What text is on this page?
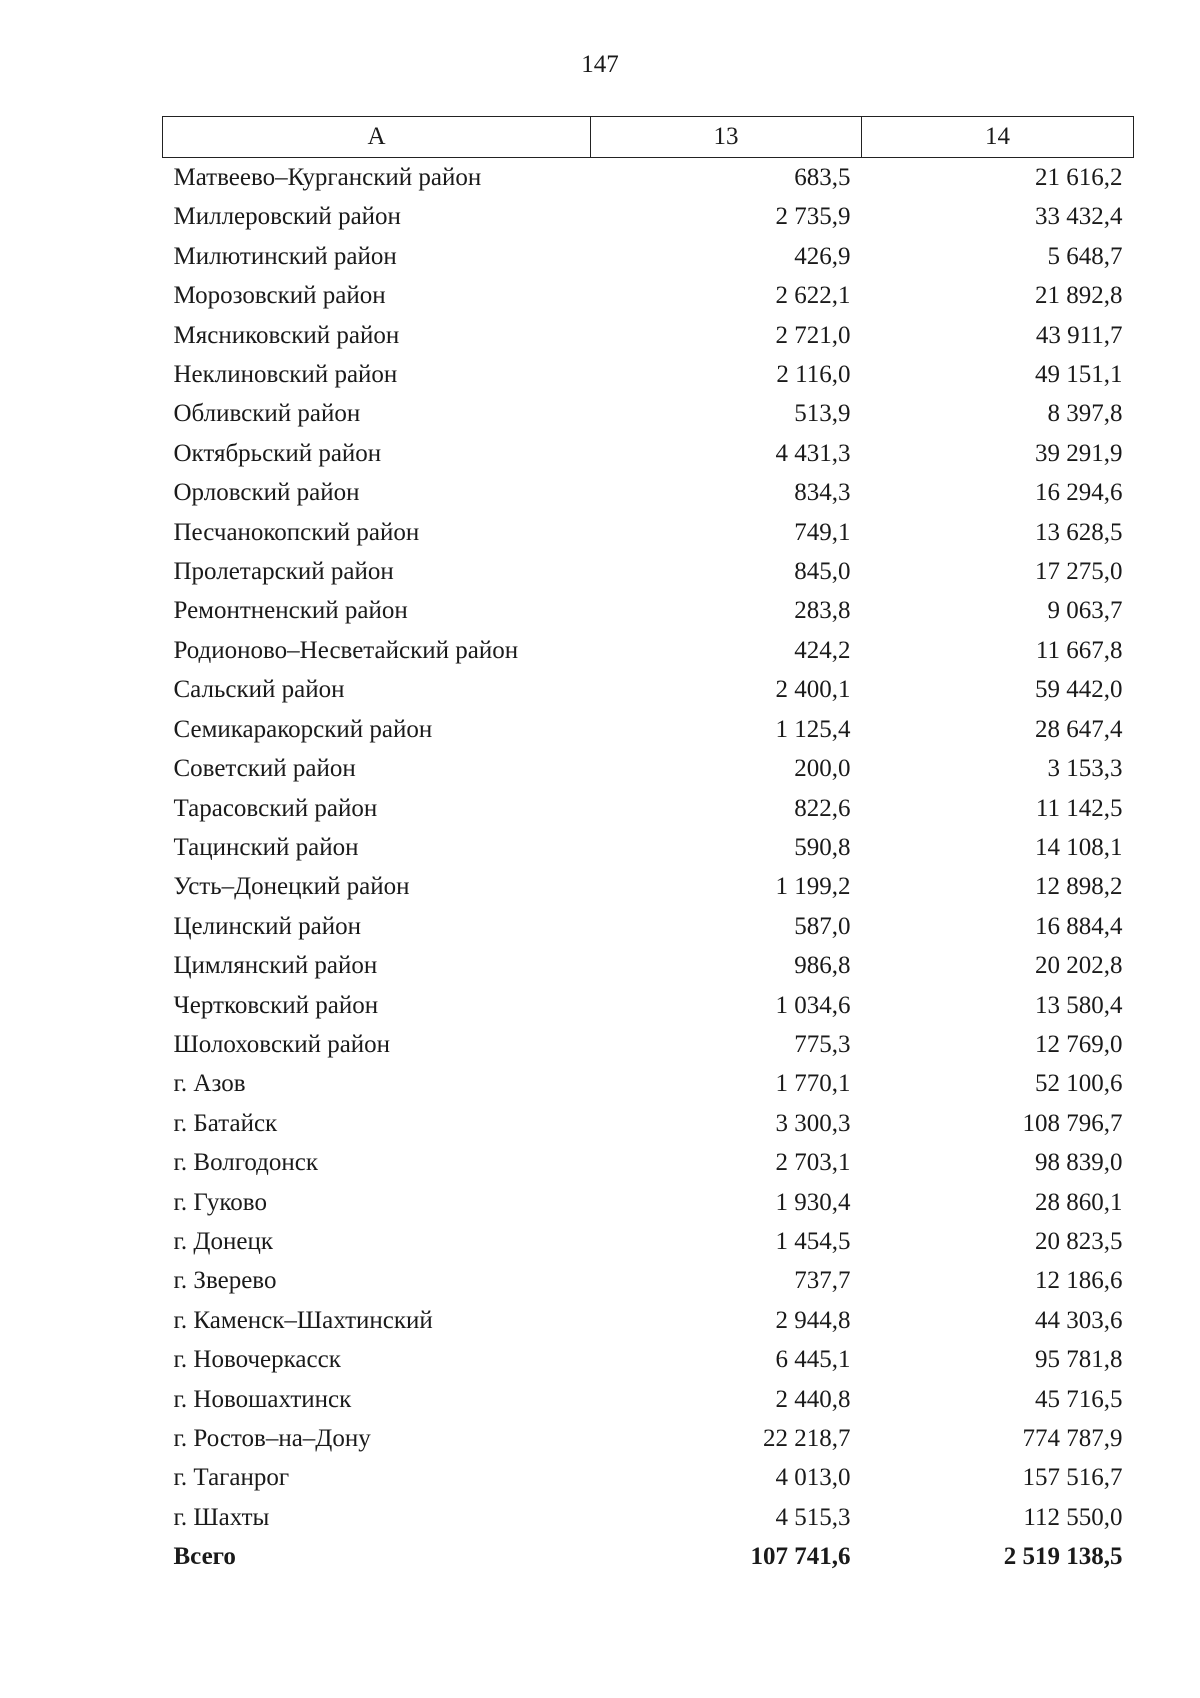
147
А	13	14
Матвеево–Курганский район	683,5	21 616,2
Миллеровский район	2 735,9	33 432,4
Милютинский район	426,9	5 648,7
Морозовский район	2 622,1	21 892,8
Мясниковский район	2 721,0	43 911,7
Неклиновский район	2 116,0	49 151,1
Обливский район	513,9	8 397,8
Октябрьский район	4 431,3	39 291,9
Орловский район	834,3	16 294,6
Песчанокопский район	749,1	13 628,5
Пролетарский район	845,0	17 275,0
Ремонтненский район	283,8	9 063,7
Родионово–Несветайский район	424,2	11 667,8
Сальский район	2 400,1	59 442,0
Семикаракорский район	1 125,4	28 647,4
Советский район	200,0	3 153,3
Тарасовский район	822,6	11 142,5
Тацинский район	590,8	14 108,1
Усть–Донецкий район	1 199,2	12 898,2
Целинский район	587,0	16 884,4
Цимлянский район	986,8	20 202,8
Чертковский район	1 034,6	13 580,4
Шолоховский район	775,3	12 769,0
г. Азов	1 770,1	52 100,6
г. Батайск	3 300,3	108 796,7
г. Волгодонск	2 703,1	98 839,0
г. Гуково	1 930,4	28 860,1
г. Донецк	1 454,5	20 823,5
г. Зверево	737,7	12 186,6
г. Каменск–Шахтинский	2 944,8	44 303,6
г. Новочеркасск	6 445,1	95 781,8
г. Новошахтинск	2 440,8	45 716,5
г. Ростов–на–Дону	22 218,7	774 787,9
г. Таганрог	4 013,0	157 516,7
г. Шахты	4 515,3	112 550,0
Всего	107 741,6	2 519 138,5
